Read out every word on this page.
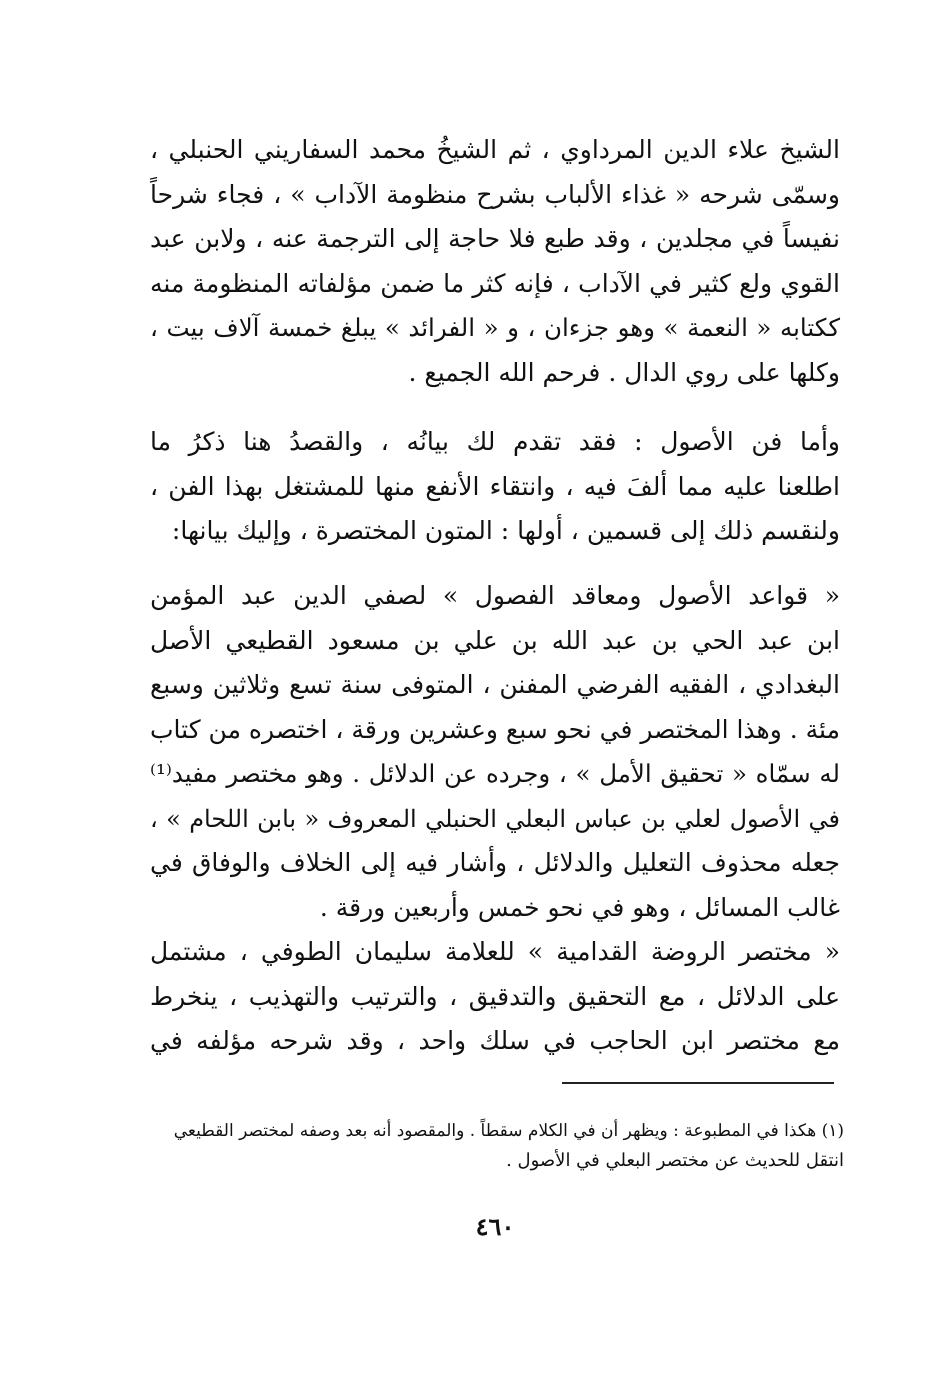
الشيخ علاء الدين المرداوي ، ثم الشيخُ محمد السفاريني الحنبلي ،
وسمّى شرحه « غذاء الألباب بشرح منظومة الآداب » ، فجاء شرحاً
نفيساً في مجلدين ، وقد طبع فلا حاجة إلى الترجمة عنه ، ولابن عبد
القوي ولع كثير في الآداب ، فإنه كثر ما ضمن مؤلفاته المنظومة منه
ككتابه « النعمة » وهو جزءان ، و « الفرائد » يبلغ خمسة آلاف بيت ،
وكلها على روي الدال . فرحم الله الجميع .

وأما فن الأصول : فقد تقدم لك بيانُه ، والقصدُ هنا ذكرُ ما
اطلعنا عليه مما ألفَ فيه ، وانتقاء الأنفع منها للمشتغل بهذا الفن ،
ولنقسم ذلك إلى قسمين ، أولها : المتون المختصرة ، وإليك بيانها:

« قواعد الأصول ومعاقد الفصول » لصفي الدين عبد المؤمن
ابن عبد الحي بن عبد الله بن علي بن مسعود القطيعي الأصل
البغدادي ، الفقيه الفرضي المفنن ، المتوفى سنة تسع وثلاثين وسبع
مئة . وهذا المختصر في نحو سبع وعشرين ورقة ، اختصره من كتاب
له سمّاه « تحقيق الأمل » ، وجرده عن الدلائل . وهو مختصر مفيد⁽¹⁾
في الأصول لعلي بن عباس البعلي الحنبلي المعروف « بابن اللحام » ،
جعله محذوف التعليل والدلائل ، وأشار فيه إلى الخلاف والوفاق في
غالب المسائل ، وهو في نحو خمس وأربعين ورقة .

« مختصر الروضة القدامية » للعلامة سليمان الطوفي ، مشتمل
على الدلائل ، مع التحقيق والتدقيق ، والترتيب والتهذيب ، ينخرط
مع مختصر ابن الحاجب في سلك واحد ، وقد شرحه مؤلفه في

(١) هكذا في المطبوعة : ويظهر أن في الكلام سقطاً . والمقصود أنه بعد وصفه لمختصر القطيعي
انتقل للحديث عن مختصر البعلي في الأصول .
٤٦٠
